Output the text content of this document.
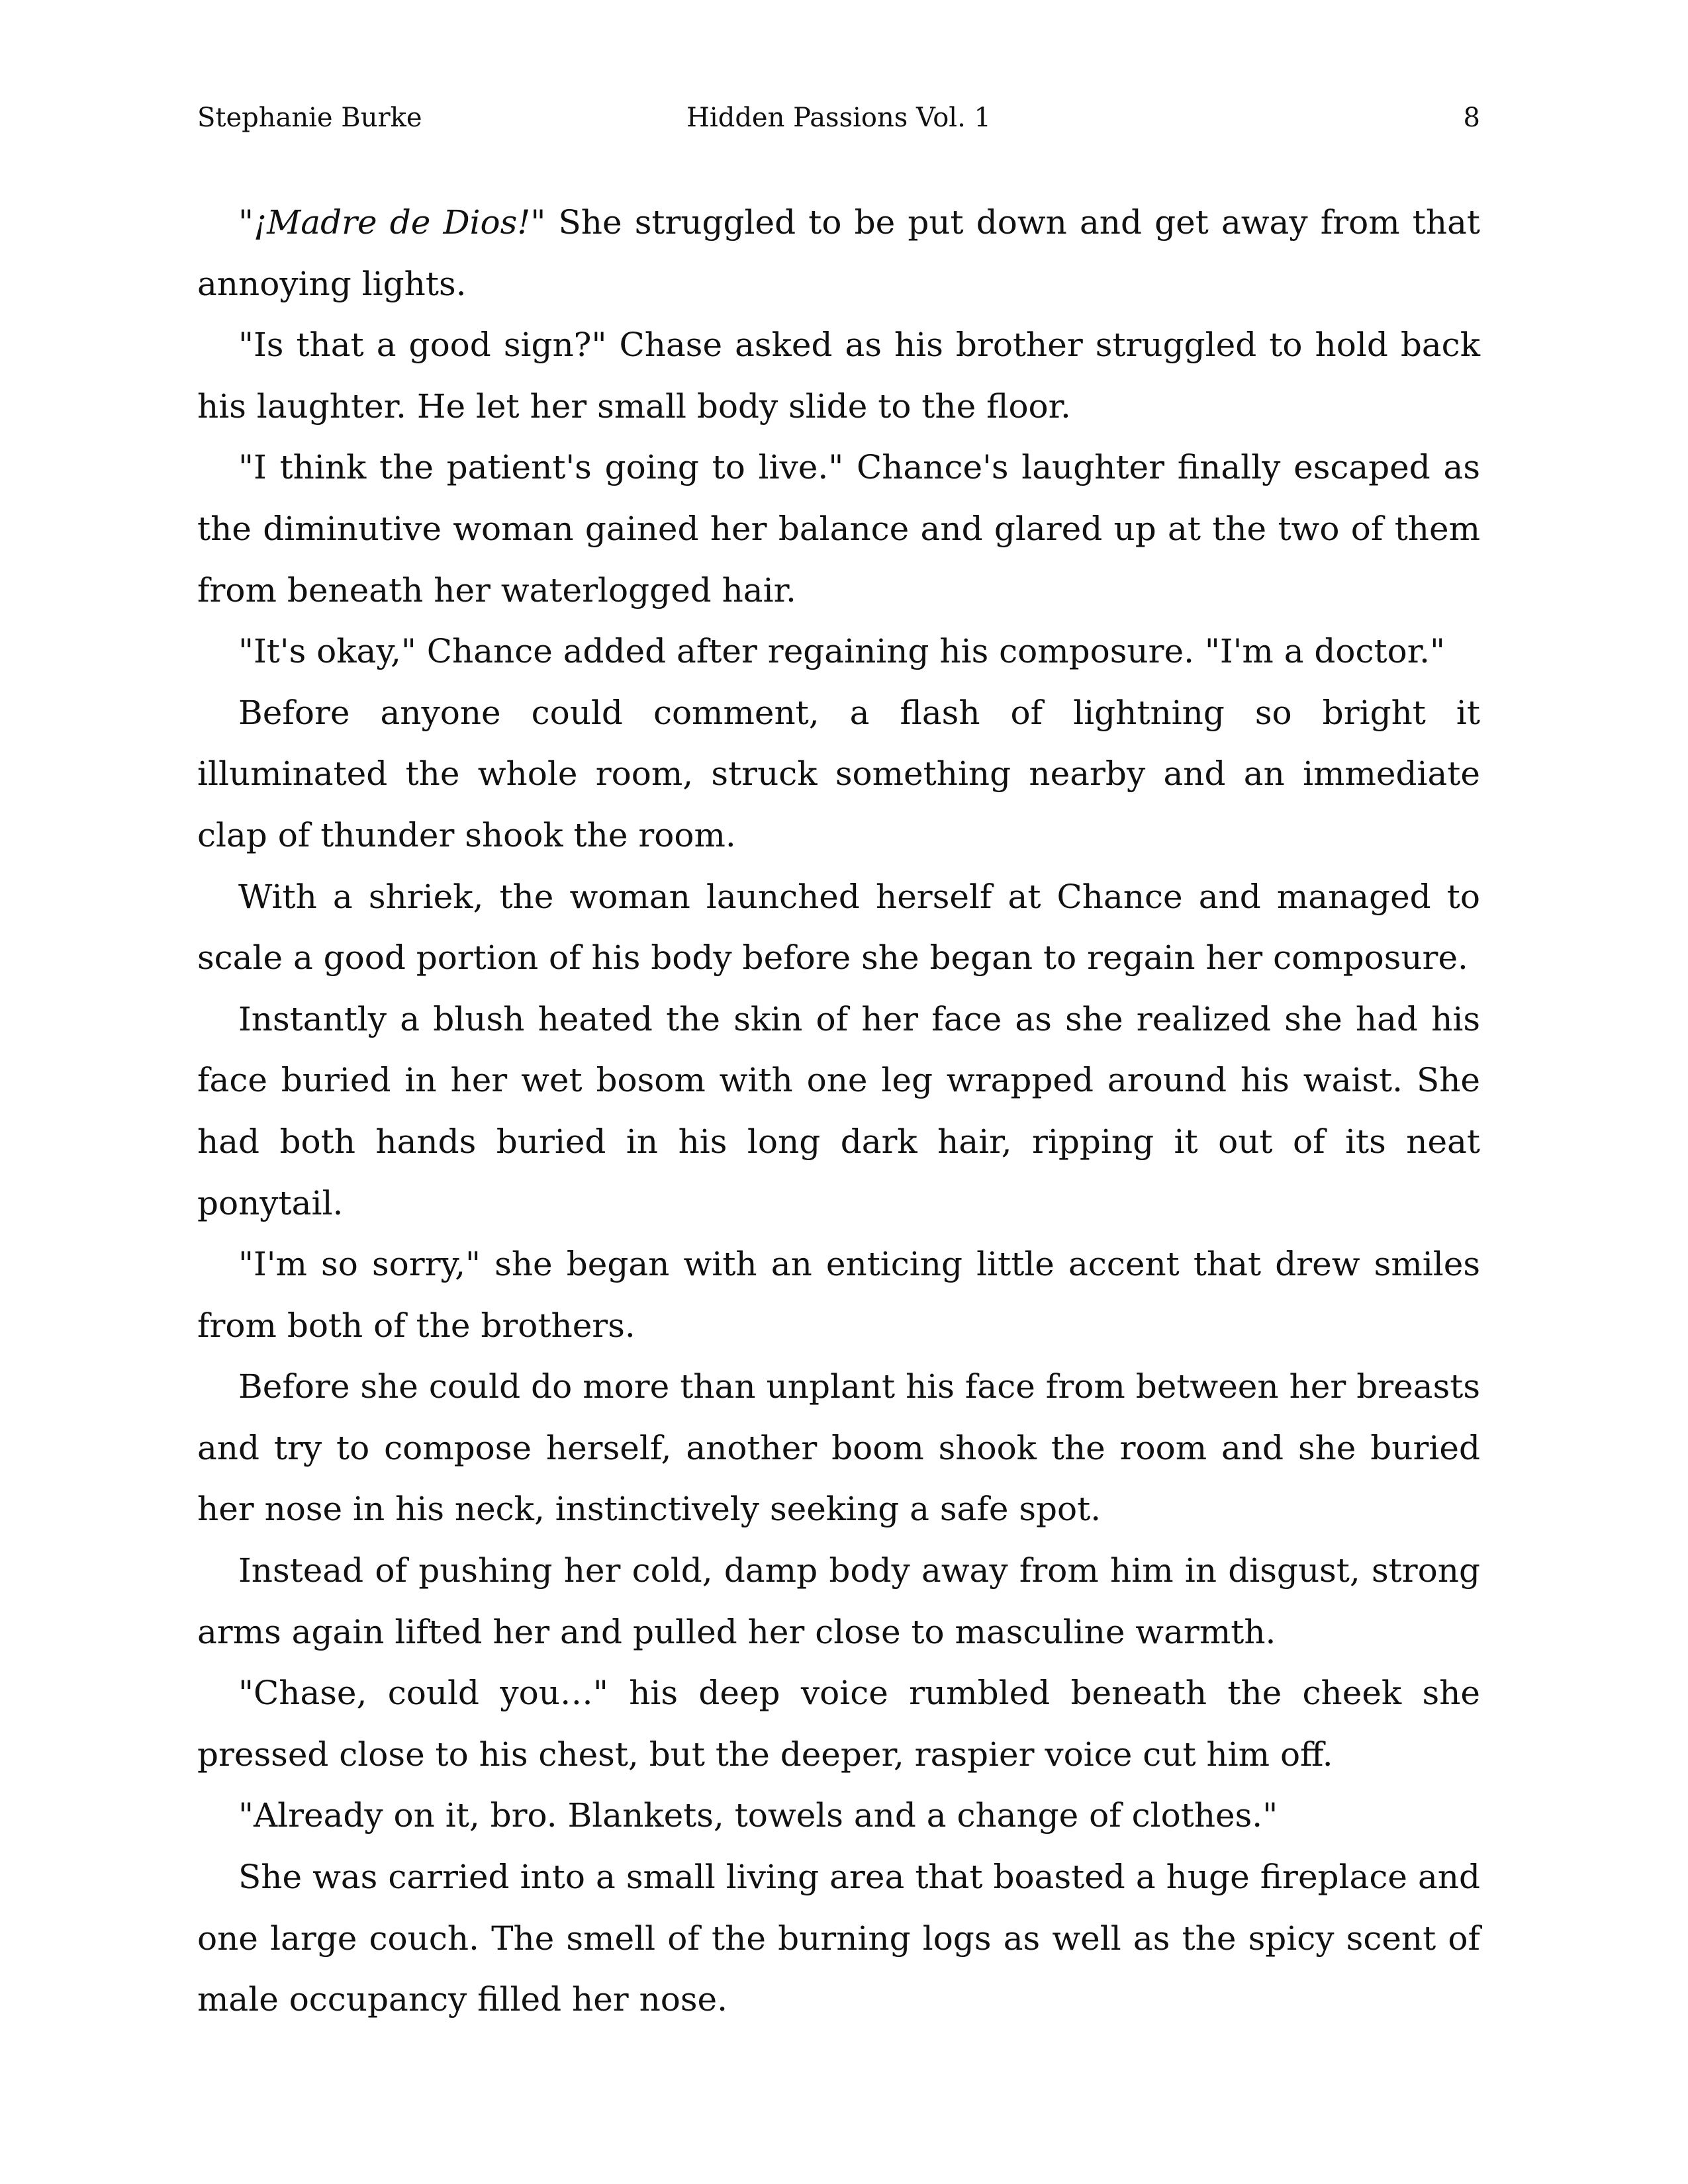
Stephanie Burke	Hidden Passions Vol. 1	8

"¡Madre de Dios!" She struggled to be put down and get away from that annoying lights.

"Is that a good sign?" Chase asked as his brother struggled to hold back his laughter. He let her small body slide to the floor.

"I think the patient's going to live." Chance's laughter finally escaped as the diminutive woman gained her balance and glared up at the two of them from beneath her waterlogged hair.

"It's okay," Chance added after regaining his composure. "I'm a doctor."

Before anyone could comment, a flash of lightning so bright it illuminated the whole room, struck something nearby and an immediate clap of thunder shook the room.

With a shriek, the woman launched herself at Chance and managed to scale a good portion of his body before she began to regain her composure.

Instantly a blush heated the skin of her face as she realized she had his face buried in her wet bosom with one leg wrapped around his waist. She had both hands buried in his long dark hair, ripping it out of its neat ponytail.

"I'm so sorry," she began with an enticing little accent that drew smiles from both of the brothers.

Before she could do more than unplant his face from between her breasts and try to compose herself, another boom shook the room and she buried her nose in his neck, instinctively seeking a safe spot.

Instead of pushing her cold, damp body away from him in disgust, strong arms again lifted her and pulled her close to masculine warmth.

"Chase, could you…" his deep voice rumbled beneath the cheek she pressed close to his chest, but the deeper, raspier voice cut him off.

"Already on it, bro. Blankets, towels and a change of clothes."

She was carried into a small living area that boasted a huge fireplace and one large couch. The smell of the burning logs as well as the spicy scent of male occupancy filled her nose.
